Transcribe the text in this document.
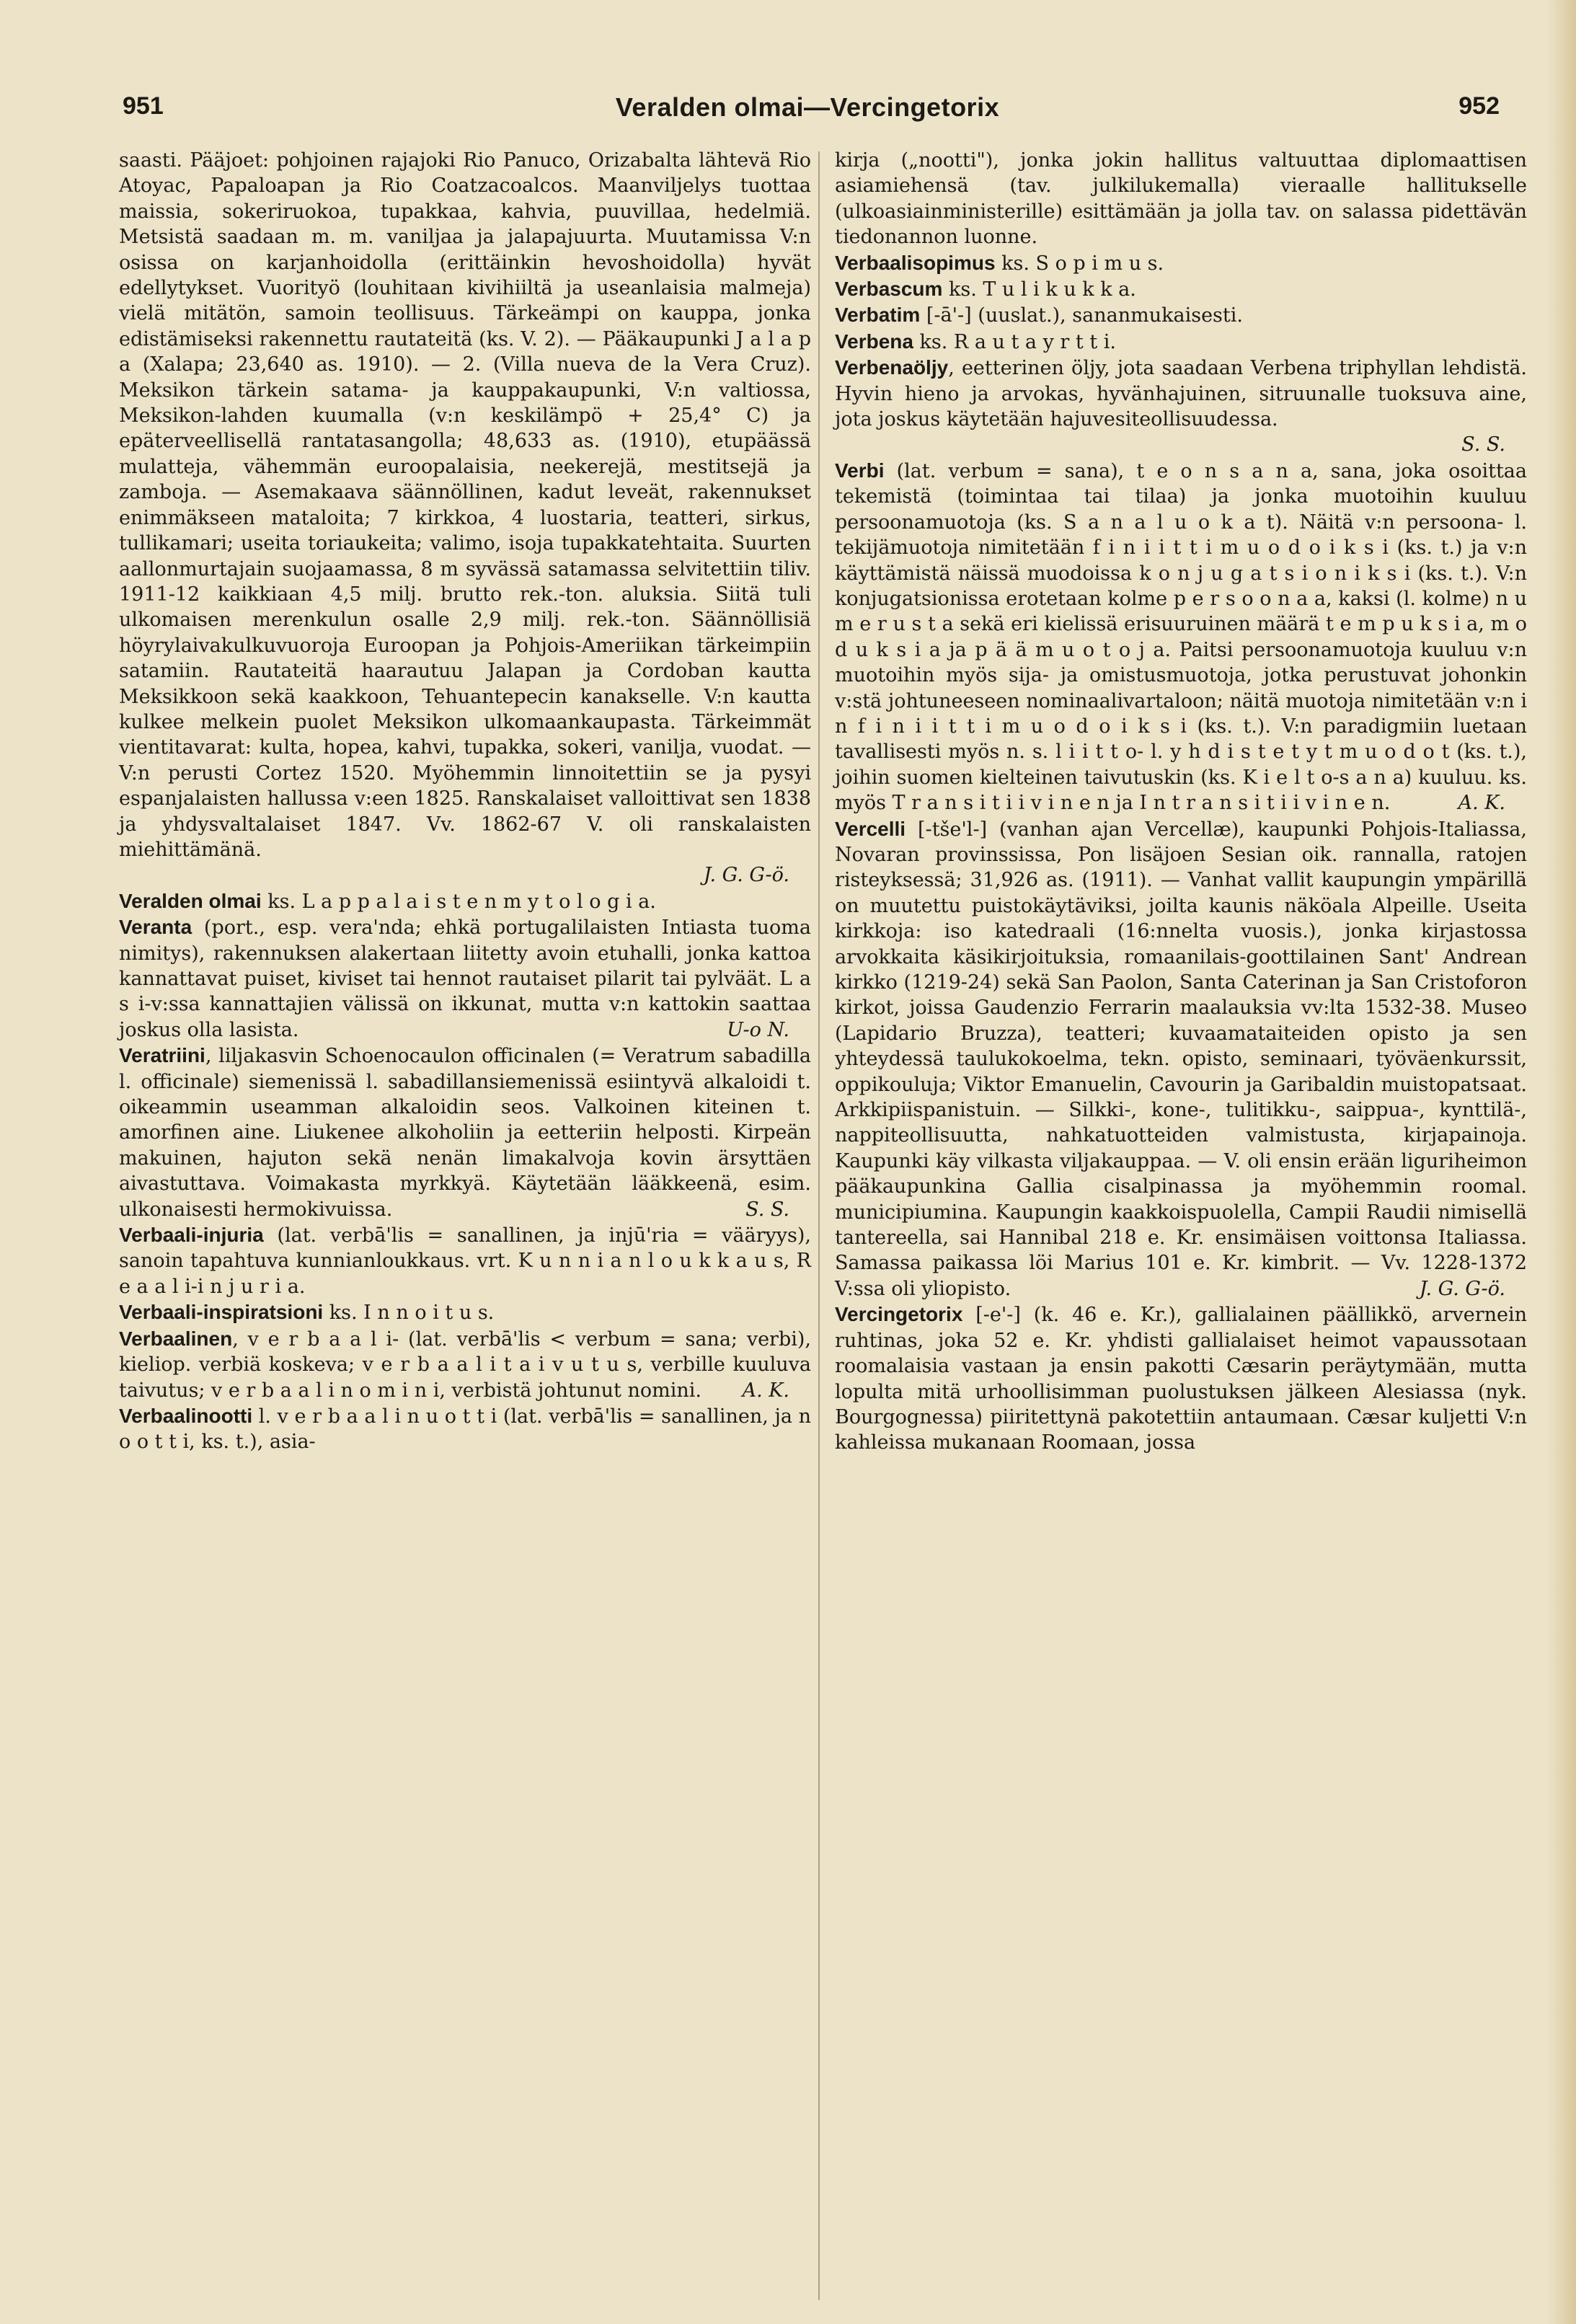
951	Veralden olmai—Vercingetorix	952

saasti. Pääjoet: pohjoinen rajajoki Rio Panuco, Orizabalta lähtevä Rio Atoyac, Papaloapan ja Rio Coatzacoalcos. Maanviljelys tuottaa maissia, sokeriruokoa, tupakkaa, kahvia, puuvillaa, hedelmiä. Metsistä saadaan m. m. vaniljaa ja jalapajuurta. Muutamissa V:n osissa on karjanhoidolla (erittäinkin hevoshoidolla) hyvät edellytykset. Vuorityö (louhitaan kivihiiltä ja useanlaisia malmeja) vielä mitätön, samoin teollisuus. Tärkeämpi on kauppa, jonka edistämiseksi rakennettu rautateitä (ks. V. 2). — Pääkaupunki J a l a p a (Xalapa; 23,640 as. 1910). — 2. (Villa nueva de la Vera Cruz). Meksikon tärkein satama- ja kauppakaupunki, V:n valtiossa, Meksikon-lahden kuumalla (v:n keskilämpö + 25,4° C) ja epäterveellisellä rantatasangolla; 48,633 as. (1910), etupäässä mulatteja, vähemmän euroopalaisia, neekerejä, mestitsejä ja zamboja. — Asemakaava säännöllinen, kadut leveät, rakennukset enimmäkseen mataloita; 7 kirkkoa, 4 luostaria, teatteri, sirkus, tullikamari; useita toriaukeita; valimo, isoja tupakkatehtaita. Suurten aallonmurtajain suojaamassa, 8 m syvässä satamassa selvitettiin tiliv. 1911-12 kaikkiaan 4,5 milj. brutto rek.-ton. aluksia. Siitä tuli ulkomaisen merenkulun osalle 2,9 milj. rek.-ton. Säännöllisiä höyrylaivakulkuvuoroja Euroopan ja Pohjois-Ameriikan tärkeimpiin satamiin. Rautateitä haarautuu Jalapan ja Cordoban kautta Meksikkoon sekä kaakkoon, Tehuantepecin kanakselle. V:n kautta kulkee melkein puolet Meksikon ulkomaankaupasta. Tärkeimmät vientitavarat: kulta, hopea, kahvi, tupakka, sokeri, vanilja, vuodat. — V:n perusti Cortez 1520. Myöhemmin linnoitettiin se ja pysyi espanjalaisten hallussa v:een 1825. Ranskalaiset valloittivat sen 1838 ja yhdysvaltalaiset 1847. Vv. 1862-67 V. oli ranskalaisten miehittämänä.
J. G. G-ö.

Veralden olmai ks. L a p p a l a i s t e n m y t o l o g i a.

Veranta (port., esp. vera'nda; ehkä portugalilaisten Intiasta tuoma nimitys), rakennuksen alakertaan liitetty avoin etuhalli, jonka kattoa kannattavat puiset, kiviset tai hennot rautaiset pilarit tai pylväät. L a s i-v:ssa kannattajien välissä on ikkunat, mutta v:n kattokin saattaa joskus olla lasista.	U-o N.

Veratriini, liljakasvin Schoenocaulon officinalen (= Veratrum sabadilla l. officinale) siemenissä l. sabadillansiemenissä esiintyvä alkaloidi t. oikeammin useamman alkaloidin seos. Valkoinen kiteinen t. amorfinen aine. Liukenee alkoholiin ja eetteriin helposti. Kirpeän makuinen, hajuton sekä nenän limakalvoja kovin ärsyttäen aivastuttava. Voimakasta myrkkyä. Käytetään lääkkeenä, esim. ulkonaisesti hermokivuissa.	S. S.

Verbaali-injuria (lat. verbā'lis = sanallinen, ja injū'ria = vääryys), sanoin tapahtuva kunnianloukkaus. vrt. K u n n i a n l o u k k a u s, R e a a l i-i n j u r i a.

Verbaali-inspiratsioni ks. I n n o i t u s.

Verbaalinen, v e r b a a l i- (lat. verbā'lis < verbum = sana; verbi), kieliop. verbiä koskeva; v e r b a a l i t a i v u t u s, verbille kuuluva taivutus; v e r b a a l i n o m i n i, verbistä johtunut nomini. A. K.

Verbaalinootti l. v e r b a a l i n u o t t i (lat. verbā'lis = sanallinen, ja n o o t t i, ks. t.), asia-

kirja („nootti"), jonka jokin hallitus valtuuttaa diplomaattisen asiamiehensä (tav. julkilukemalla) vieraalle hallitukselle (ulkoasiainministerille) esittämään ja jolla tav. on salassa pidettävän tiedonannon luonne.

Verbaalisopimus ks. S o p i m u s.

Verbascum ks. T u l i k u k k a.

Verbatim [-ā'-] (uuslat.), sananmukaisesti.

Verbena ks. R a u t a y r t t i.

Verbenaöljy, eetterinen öljy, jota saadaan Verbena triphyllan lehdistä. Hyvin hieno ja arvokas, hyvänhajuinen, sitruunalle tuoksuva aine, jota joskus käytetään hajuvesiteollisuudessa.
S. S.

Verbi (lat. verbum = sana), t e o n s a n a, sana, joka osoittaa tekemistä (toimintaa tai tilaa) ja jonka muotoihin kuuluu persoonamuotoja (ks. S a n a l u o k a t). Näitä v:n persoona- l. tekijämuotoja nimitetään f i n i i t t i m u o d o i k s i (ks. t.) ja v:n käyttämistä näissä muodoissa k o n j u g a t s i o n i k s i (ks. t.). V:n konjugatsionissa erotetaan kolme p e r s o o n a a, kaksi (l. kolme) n u m e r u s t a sekä eri kielissä erisuuruinen määrä t e m p u k s i a, m o d u k s i a ja p ä ä m u o t o j a. Paitsi persoonamuotoja kuuluu v:n muotoihin myös sija- ja omistusmuotoja, jotka perustuvat johonkin v:stä johtuneeseen nominaalivartaloon; näitä muotoja nimitetään v:n i n f i n i i t t i m u o d o i k s i (ks. t.). V:n paradigmiin luetaan tavallisesti myös n. s. l i i t t o- l. y h d i s t e t y t m u o d o t (ks. t.), joihin suomen kielteinen taivutuskin (ks. K i e l t o-s a n a) kuuluu. ks. myös T r a n s i t i i v i n e n ja I n t r a n s i t i i v i n e n.	A. K.

Vercelli [-tše'l-] (vanhan ajan Vercellæ), kaupunki Pohjois-Italiassa, Novaran provinssissa, Pon lisäjoen Sesian oik. rannalla, ratojen risteyksessä; 31,926 as. (1911). — Vanhat vallit kaupungin ympärillä on muutettu puistokäytäviksi, joilta kaunis näköala Alpeille. Useita kirkkoja: iso katedraali (16:nnelta vuosis.), jonka kirjastossa arvokkaita käsikirjoituksia, romaanilais-goottilainen Sant' Andrean kirkko (1219-24) sekä San Paolon, Santa Caterinan ja San Cristoforon kirkot, joissa Gaudenzio Ferrarin maalauksia vv:lta 1532-38. Museo (Lapidario Bruzza), teatteri; kuvaamataiteiden opisto ja sen yhteydessä taulukokoelma, tekn. opisto, seminaari, työväenkurssit, oppikouluja; Viktor Emanuelin, Cavourin ja Garibaldin muistopatsaat. Arkkipiispanistuin. — Silkki-, kone-, tulitikku-, saippua-, kynttilä-, nappiteollisuutta, nahkatuotteiden valmistusta, kirjapainoja. Kaupunki käy vilkasta viljakauppaa. — V. oli ensin erään liguriheimon pääkaupunkina Gallia cisalpinassa ja myöhemmin roomal. municipiumina. Kaupungin kaakkoispuolella, Campii Raudii nimisellä tantereella, sai Hannibal 218 e. Kr. ensimäisen voittonsa Italiassa. Samassa paikassa löi Marius 101 e. Kr. kimbrit. — Vv. 1228-1372 V:ssa oli yliopisto.	J. G. G-ö.

Vercingetorix [-e'-] (k. 46 e. Kr.), gallialainen päällikkö, arvernein ruhtinas, joka 52 e. Kr. yhdisti gallialaiset heimot vapaussotaan roomalaisia vastaan ja ensin pakotti Cæsarin peräytymään, mutta lopulta mitä urhoollisimman puolustuksen jälkeen Alesiassa (nyk. Bourgognessa) piiritettynä pakotettiin antaumaan. Cæsar kuljetti V:n kahleissa mukanaan Roomaan, jossa
